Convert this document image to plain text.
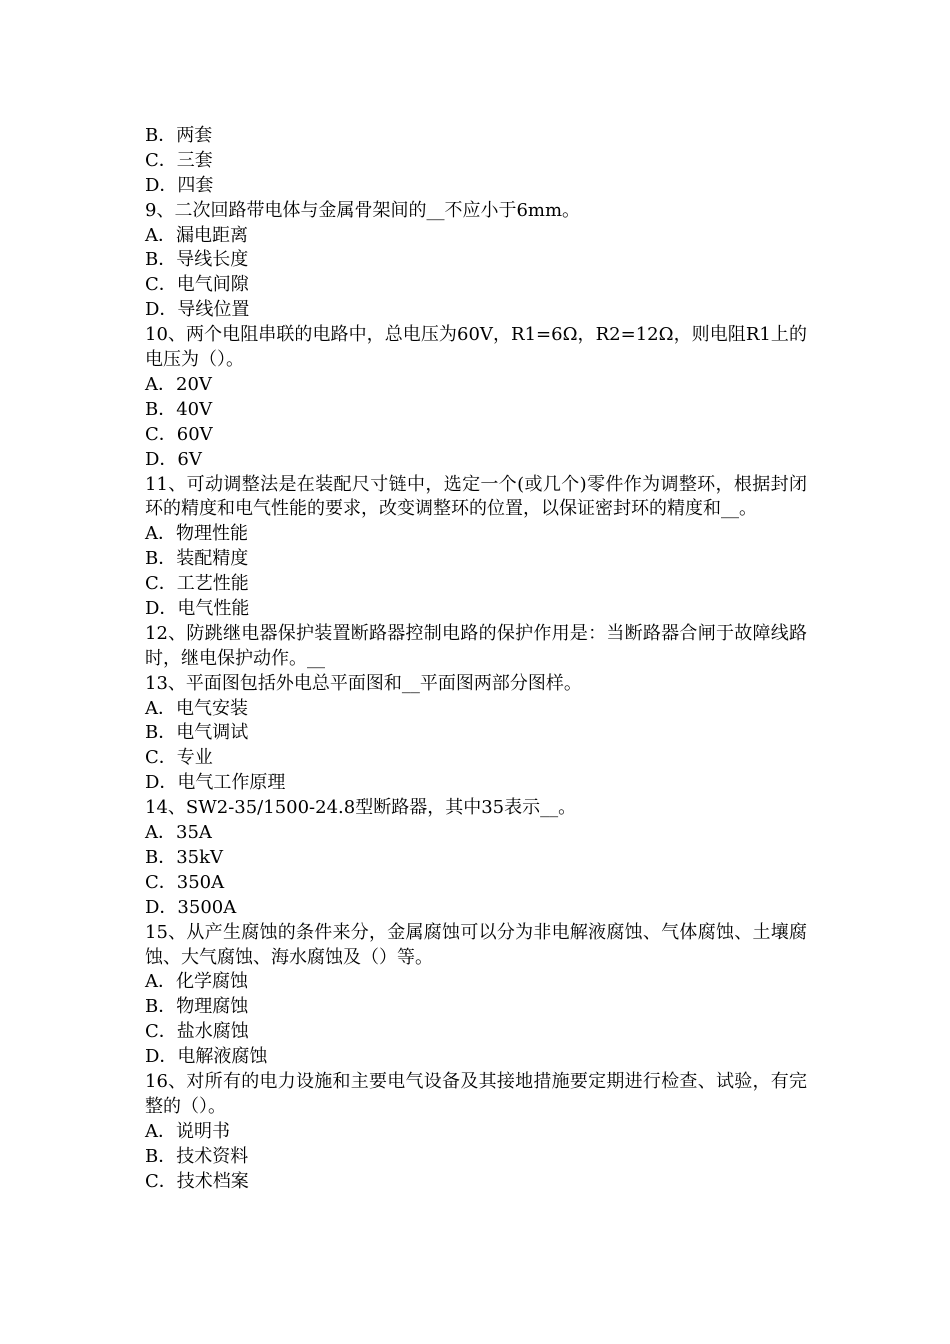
B．两套
C．三套
D．四套
9、二次回路带电体与金属骨架间的__不应小于6mm。
A．漏电距离
B．导线长度
C．电气间隙
D．导线位置
10、两个电阻串联的电路中，总电压为60V，R1=6Ω，R2=12Ω，则电阻R1上的电压为（）。
A．20V
B．40V
C．60V
D．6V
11、可动调整法是在装配尺寸链中，选定一个(或几个)零件作为调整环，根据封闭环的精度和电气性能的要求，改变调整环的位置，以保证密封环的精度和__。
A．物理性能
B．装配精度
C．工艺性能
D．电气性能
12、防跳继电器保护装置断路器控制电路的保护作用是：当断路器合闸于故障线路时，继电保护动作。__
13、平面图包括外电总平面图和__平面图两部分图样。
A．电气安装
B．电气调试
C．专业
D．电气工作原理
14、SW2-35/1500-24.8型断路器，其中35表示__。
A．35A
B．35kV
C．350A
D．3500A
15、从产生腐蚀的条件来分，金属腐蚀可以分为非电解液腐蚀、气体腐蚀、土壤腐蚀、大气腐蚀、海水腐蚀及（）等。
A．化学腐蚀
B．物理腐蚀
C．盐水腐蚀
D．电解液腐蚀
16、对所有的电力设施和主要电气设备及其接地措施要定期进行检查、试验，有完整的（）。
A．说明书
B．技术资料
C．技术档案
